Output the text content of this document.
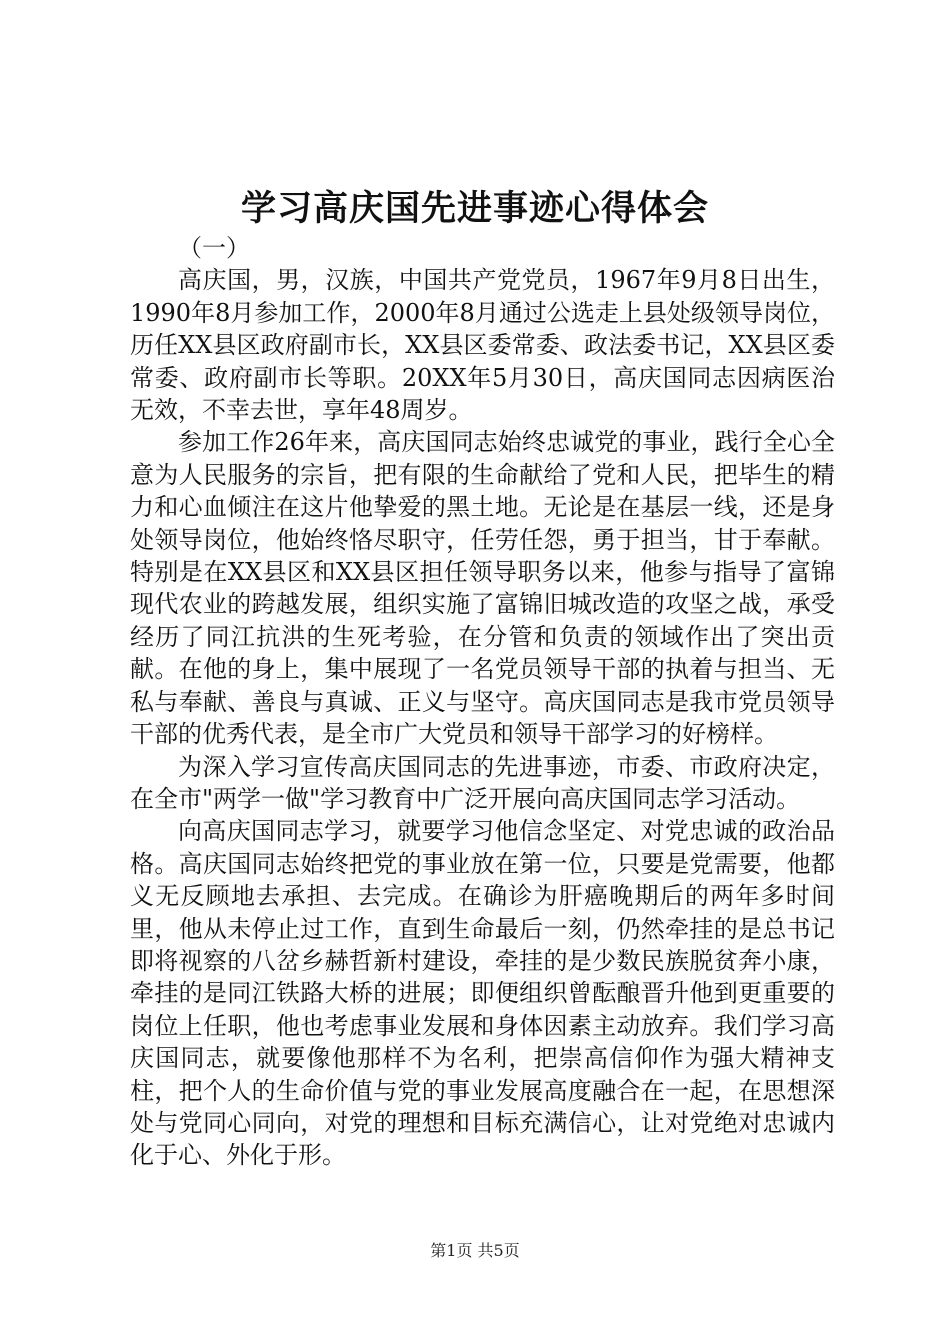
学习高庆国先进事迹心得体会

（一）

高庆国，男，汉族，中国共产党党员，1967年9月8日出生，1990年8月参加工作，2000年8月通过公选走上县处级领导岗位，历任XX县区政府副市长，XX县区委常委、政法委书记，XX县区委常委、政府副市长等职。20XX年5月30日，高庆国同志因病医治无效，不幸去世，享年48周岁。

参加工作26年来，高庆国同志始终忠诚党的事业，践行全心全意为人民服务的宗旨，把有限的生命献给了党和人民，把毕生的精力和心血倾注在这片他挚爱的黑土地。无论是在基层一线，还是身处领导岗位，他始终恪尽职守，任劳任怨，勇于担当，甘于奉献。特别是在XX县区和XX县区担任领导职务以来，他参与指导了富锦现代农业的跨越发展，组织实施了富锦旧城改造的攻坚之战，承受经历了同江抗洪的生死考验，在分管和负责的领域作出了突出贡献。在他的身上，集中展现了一名党员领导干部的执着与担当、无私与奉献、善良与真诚、正义与坚守。高庆国同志是我市党员领导干部的优秀代表，是全市广大党员和领导干部学习的好榜样。

为深入学习宣传高庆国同志的先进事迹，市委、市政府决定，在全市"两学一做"学习教育中广泛开展向高庆国同志学习活动。

向高庆国同志学习，就要学习他信念坚定、对党忠诚的政治品格。高庆国同志始终把党的事业放在第一位，只要是党需要，他都义无反顾地去承担、去完成。在确诊为肝癌晚期后的两年多时间里，他从未停止过工作，直到生命最后一刻，仍然牵挂的是总书记即将视察的八岔乡赫哲新村建设，牵挂的是少数民族脱贫奔小康，牵挂的是同江铁路大桥的进展；即便组织曾酝酿晋升他到更重要的岗位上任职，他也考虑事业发展和身体因素主动放弃。我们学习高庆国同志，就要像他那样不为名利，把崇高信仰作为强大精神支柱，把个人的生命价值与党的事业发展高度融合在一起，在思想深处与党同心同向，对党的理想和目标充满信心，让对党绝对忠诚内化于心、外化于形。

第1页 共5页
